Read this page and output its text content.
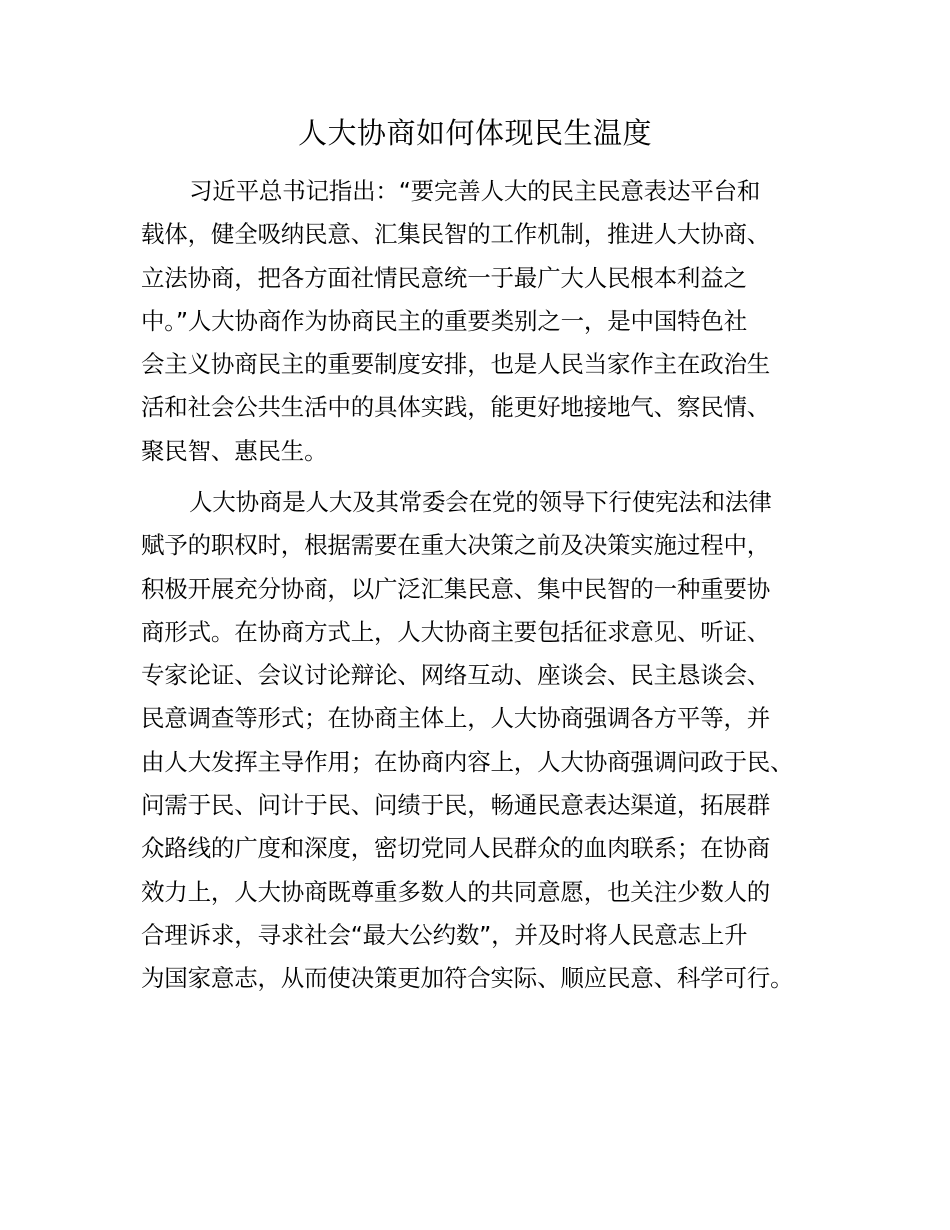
人大协商如何体现民生温度
习近平总书记指出：“要完善人大的民主民意表达平台和
载体，健全吸纳民意、汇集民智的工作机制，推进人大协商、
立法协商，把各方面社情民意统一于最广大人民根本利益之
中。”人大协商作为协商民主的重要类别之一，是中国特色社
会主义协商民主的重要制度安排，也是人民当家作主在政治生
活和社会公共生活中的具体实践，能更好地接地气、察民情、
聚民智、惠民生。
人大协商是人大及其常委会在党的领导下行使宪法和法律
赋予的职权时，根据需要在重大决策之前及决策实施过程中，
积极开展充分协商，以广泛汇集民意、集中民智的一种重要协
商形式。在协商方式上，人大协商主要包括征求意见、听证、
专家论证、会议讨论辩论、网络互动、座谈会、民主恳谈会、
民意调查等形式；在协商主体上，人大协商强调各方平等，并
由人大发挥主导作用；在协商内容上，人大协商强调问政于民、
问需于民、问计于民、问绩于民，畅通民意表达渠道，拓展群
众路线的广度和深度，密切党同人民群众的血肉联系；在协商
效力上，人大协商既尊重多数人的共同意愿，也关注少数人的
合理诉求，寻求社会“最大公约数”，并及时将人民意志上升
为国家意志，从而使决策更加符合实际、顺应民意、科学可行。
